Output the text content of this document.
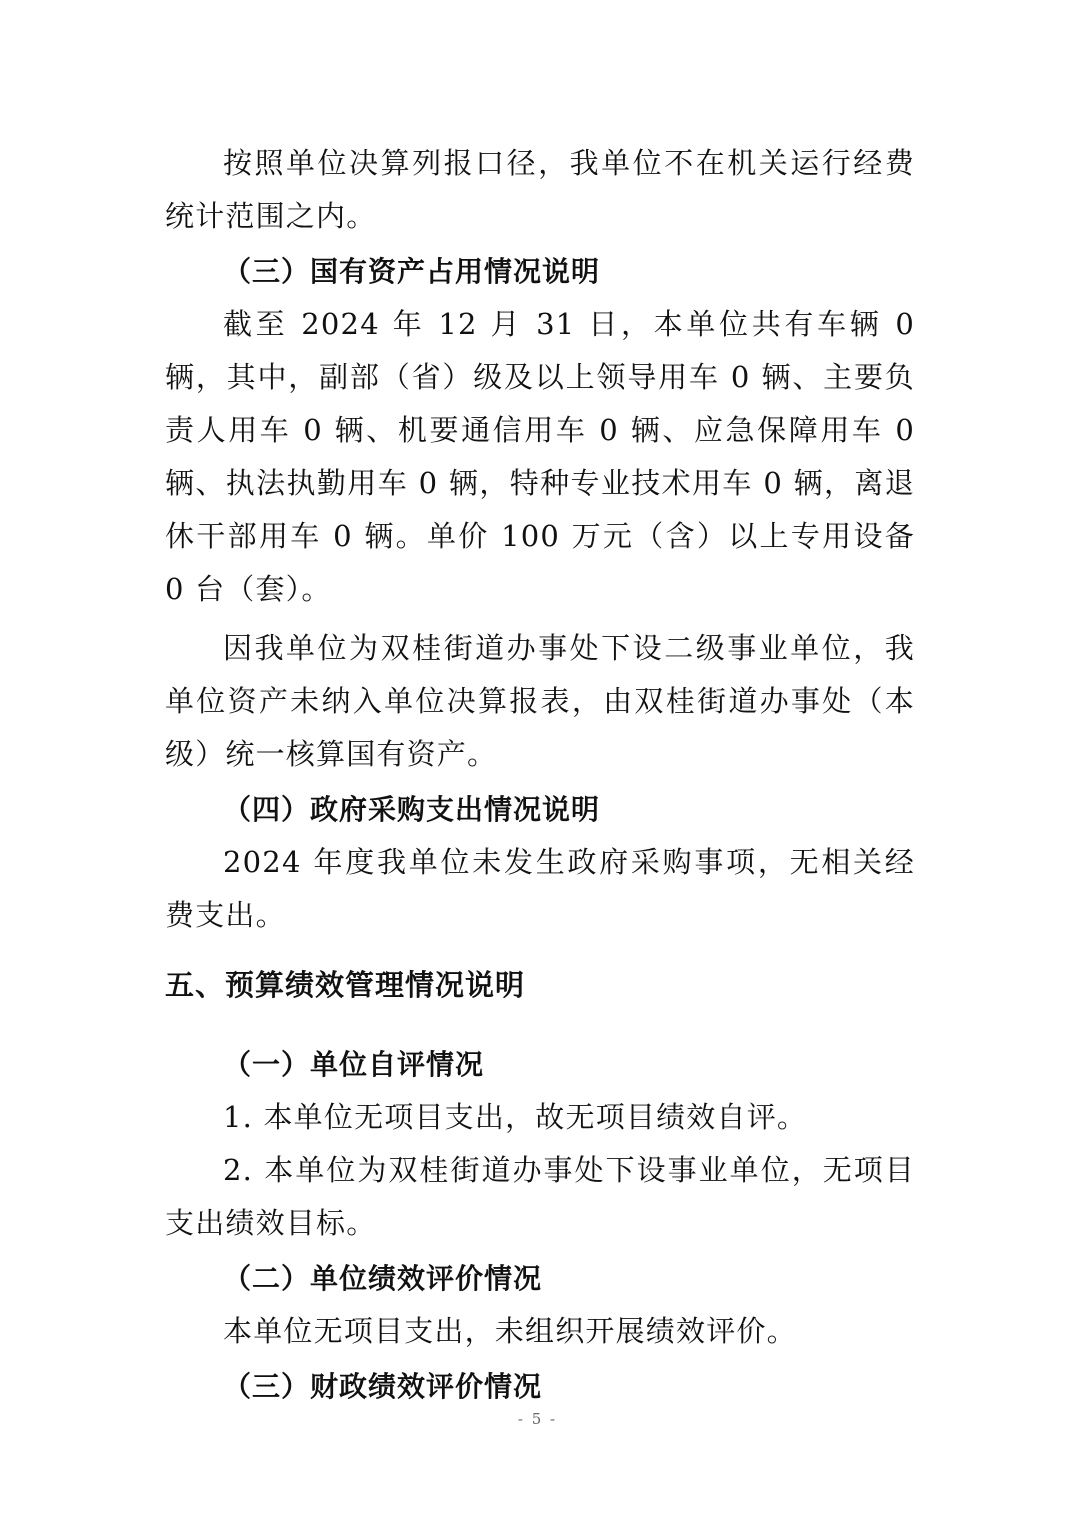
按照单位决算列报口径，我单位不在机关运行经费统计范围之内。

（三）国有资产占用情况说明

截至 2024 年 12 月 31 日，本单位共有车辆 0 辆，其中，副部（省）级及以上领导用车 0 辆、主要负责人用车 0 辆、机要通信用车 0 辆、应急保障用车 0 辆、执法执勤用车 0 辆，特种专业技术用车 0 辆，离退休干部用车 0 辆。单价 100 万元（含）以上专用设备 0 台（套）。

因我单位为双桂街道办事处下设二级事业单位，我单位资产未纳入单位决算报表，由双桂街道办事处（本级）统一核算国有资产。

（四）政府采购支出情况说明

2024 年度我单位未发生政府采购事项，无相关经费支出。

五、预算绩效管理情况说明
（一）单位自评情况

1. 本单位无项目支出，故无项目绩效自评。

2. 本单位为双桂街道办事处下设事业单位，无项目支出绩效目标。

（二）单位绩效评价情况

本单位无项目支出，未组织开展绩效评价。

（三）财政绩效评价情况
- 5 -
